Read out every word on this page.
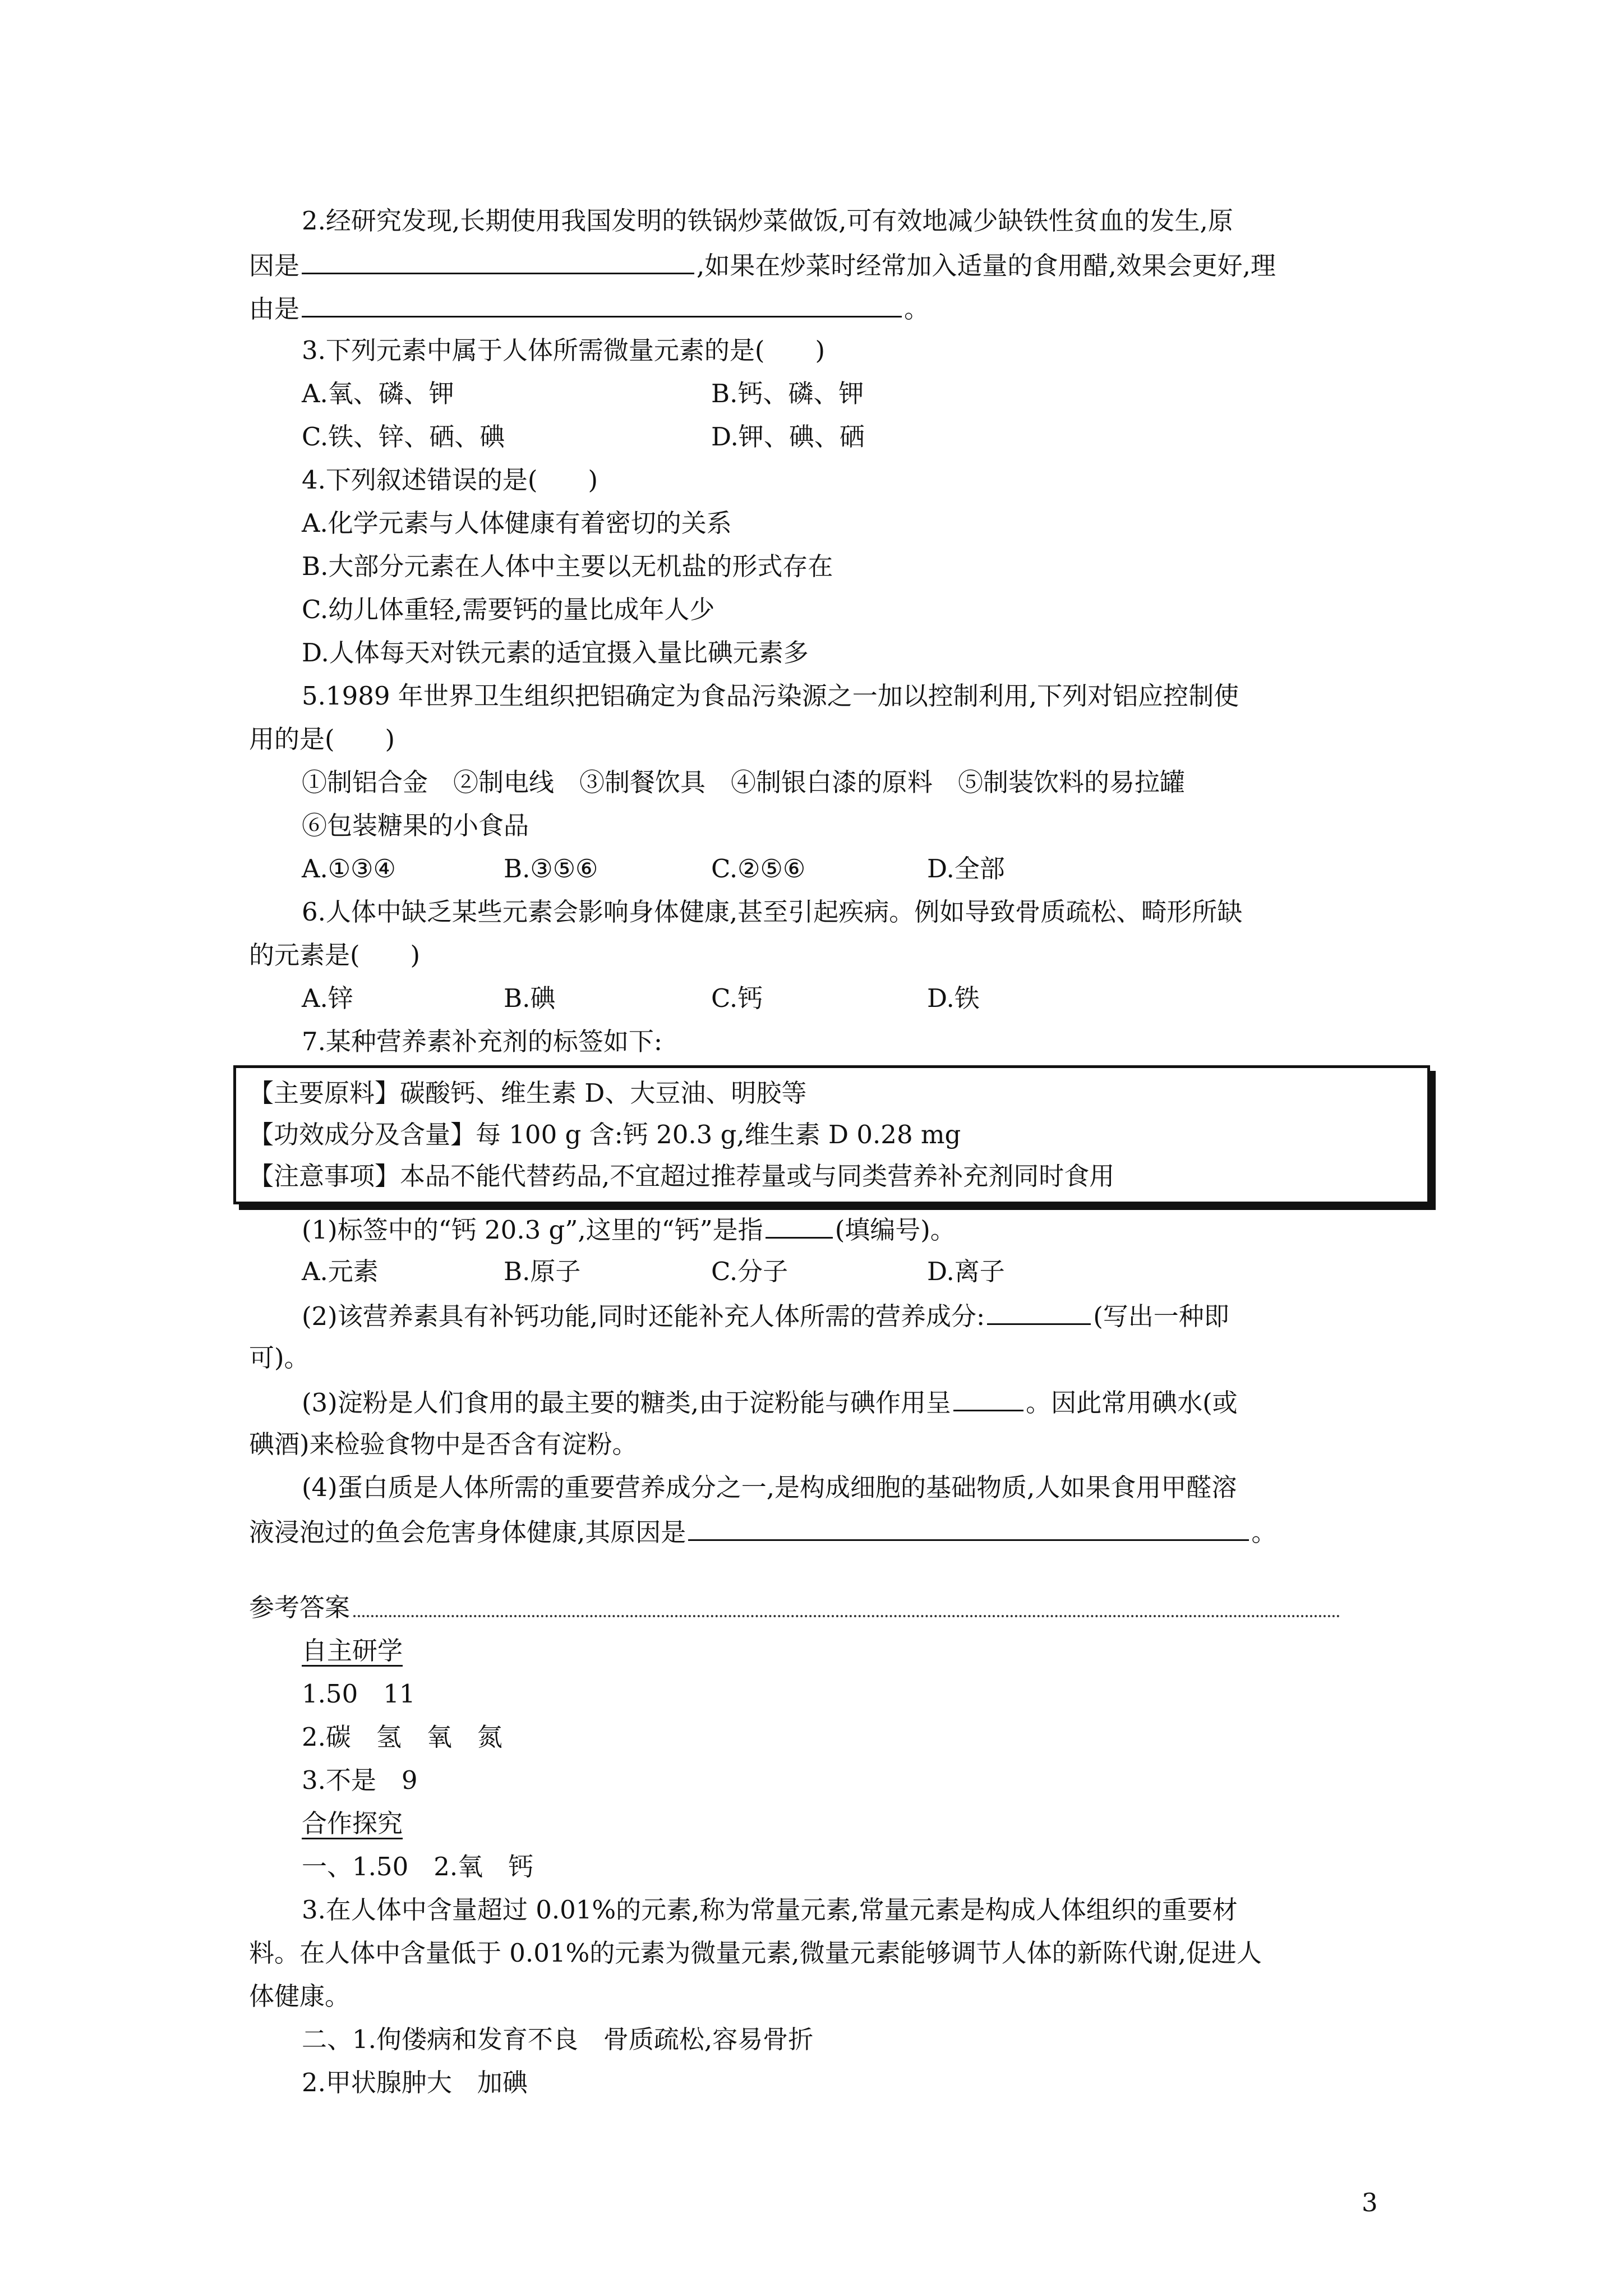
2.经研究发现,长期使用我国发明的铁锅炒菜做饭,可有效地减少缺铁性贫血的发生,原
因是	,如果在炒菜时经常加入适量的食用醋,效果会更好,理
由是	。
3.下列元素中属于人体所需微量元素的是(　　)
A.氧、磷、钾	B.钙、磷、钾
C.铁、锌、硒、碘	D.钾、碘、硒
4.下列叙述错误的是(　　)
A.化学元素与人体健康有着密切的关系
B.大部分元素在人体中主要以无机盐的形式存在
C.幼儿体重轻,需要钙的量比成年人少
D.人体每天对铁元素的适宜摄入量比碘元素多
5.1989 年世界卫生组织把铝确定为食品污染源之一加以控制利用,下列对铝应控制使
用的是(　　)
①制铝合金　②制电线　③制餐饮具　④制银白漆的原料　⑤制装饮料的易拉罐
⑥包装糖果的小食品
A.①③④	B.③⑤⑥	C.②⑤⑥	D.全部
6.人体中缺乏某些元素会影响身体健康,甚至引起疾病。例如导致骨质疏松、畸形所缺
的元素是(　　)
A.锌	B.碘	C.钙	D.铁
7.某种营养素补充剂的标签如下:
【主要原料】碳酸钙、维生素 D、大豆油、明胶等
【功效成分及含量】每 100 g 含:钙 20.3 g,维生素 D 0.28 mg
【注意事项】本品不能代替药品,不宜超过推荐量或与同类营养补充剂同时食用
(1)标签中的“钙 20.3 g”,这里的“钙”是指	(填编号)。
A.元素	B.原子	C.分子	D.离子
(2)该营养素具有补钙功能,同时还能补充人体所需的营养成分:	(写出一种即
可)。
(3)淀粉是人们食用的最主要的糖类,由于淀粉能与碘作用呈	。因此常用碘水(或
碘酒)来检验食物中是否含有淀粉。
(4)蛋白质是人体所需的重要营养成分之一,是构成细胞的基础物质,人如果食用甲醛溶
液浸泡过的鱼会危害身体健康,其原因是	。
参考答案
自主研学
1.50　11
2.碳　氢　氧　氮
3.不是　9
合作探究
一、1.50　2.氧　钙
3.在人体中含量超过 0.01%的元素,称为常量元素,常量元素是构成人体组织的重要材
料。在人体中含量低于 0.01%的元素为微量元素,微量元素能够调节人体的新陈代谢,促进人
体健康。
二、1.佝偻病和发育不良　骨质疏松,容易骨折
2.甲状腺肿大　加碘
3
